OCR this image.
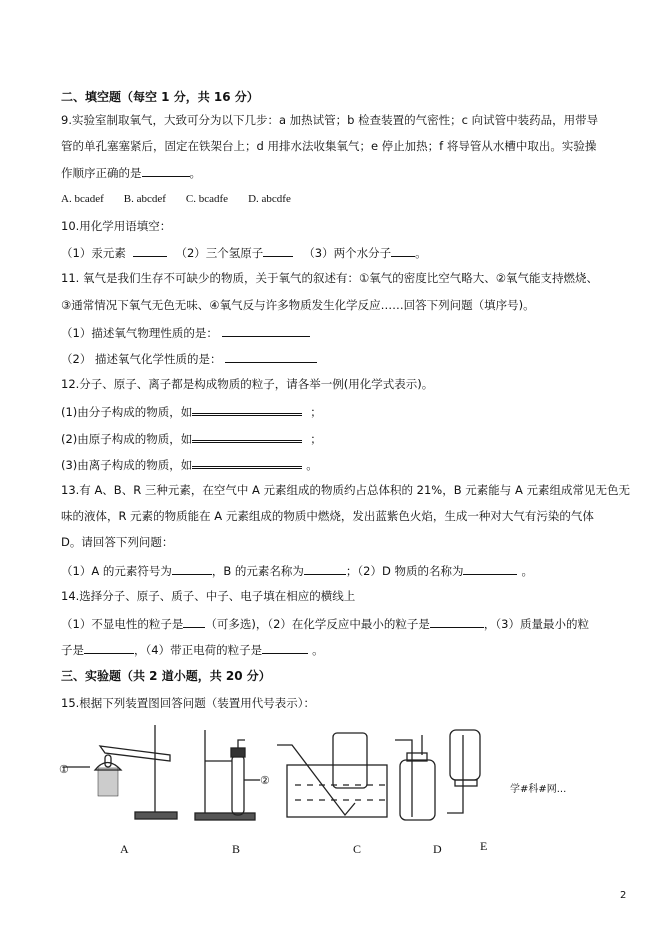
二、填空题（每空 1 分，共 16 分）
9.实验室制取氧气，大致可分为以下几步：a 加热试管；b 检查装置的气密性；c 向试管中装药品，用带导
管的单孔塞塞紧后，固定在铁架台上；d 用排水法收集氧气；e 停止加热；f 将导管从水槽中取出。实验操
作顺序正确的是	。
A. bcadef B. abcdef C. bcadfe D. abcdfe
10.用化学用语填空：
（1）汞元素	（2）三个氢原子	（3）两个水分子 。
11. 氧气是我们生存不可缺少的物质，关于氧气的叙述有：①氧气的密度比空气略大、②氧气能支持燃烧、
③通常情况下氧气无色无味、④氧气反与许多物质发生化学反应……回答下列问题（填序号)。
（1）描述氧气物理性质的是：
（2） 描述氧气化学性质的是：
12.分子、原子、离子都是构成物质的粒子，请各举一例(用化学式表示)。
(1)由分子构成的物质，如	；
(2)由原子构成的物质，如	；
(3)由离子构成的物质，如	。
13.有 A、B、R 三种元素，在空气中 A 元素组成的物质约占总体积的 21%，B 元素能与 A 元素组成常见无色无
味的液体，R 元素的物质能在 A 元素组成的物质中燃烧，发出蓝紫色火焰，生成一种对大气有污染的气体
D。请回答下列问题：
（1）A 的元素符号为	，B 的元素名称为	；（2）D 物质的名称为	。
14.选择分子、原子、质子、中子、电子填在相应的横线上
（1）不显电性的粒子是 （可多选)，（2）在化学反应中最小的粒子是	，（3）质量最小的粒
子是	，（4）带正电荷的粒子是	。
三、实验题（共 2 道小题，共 20 分）
15.根据下列装置图回答问题（装置用代号表示）：
①
②
学#科#网...
A	B	C	D	E
2
